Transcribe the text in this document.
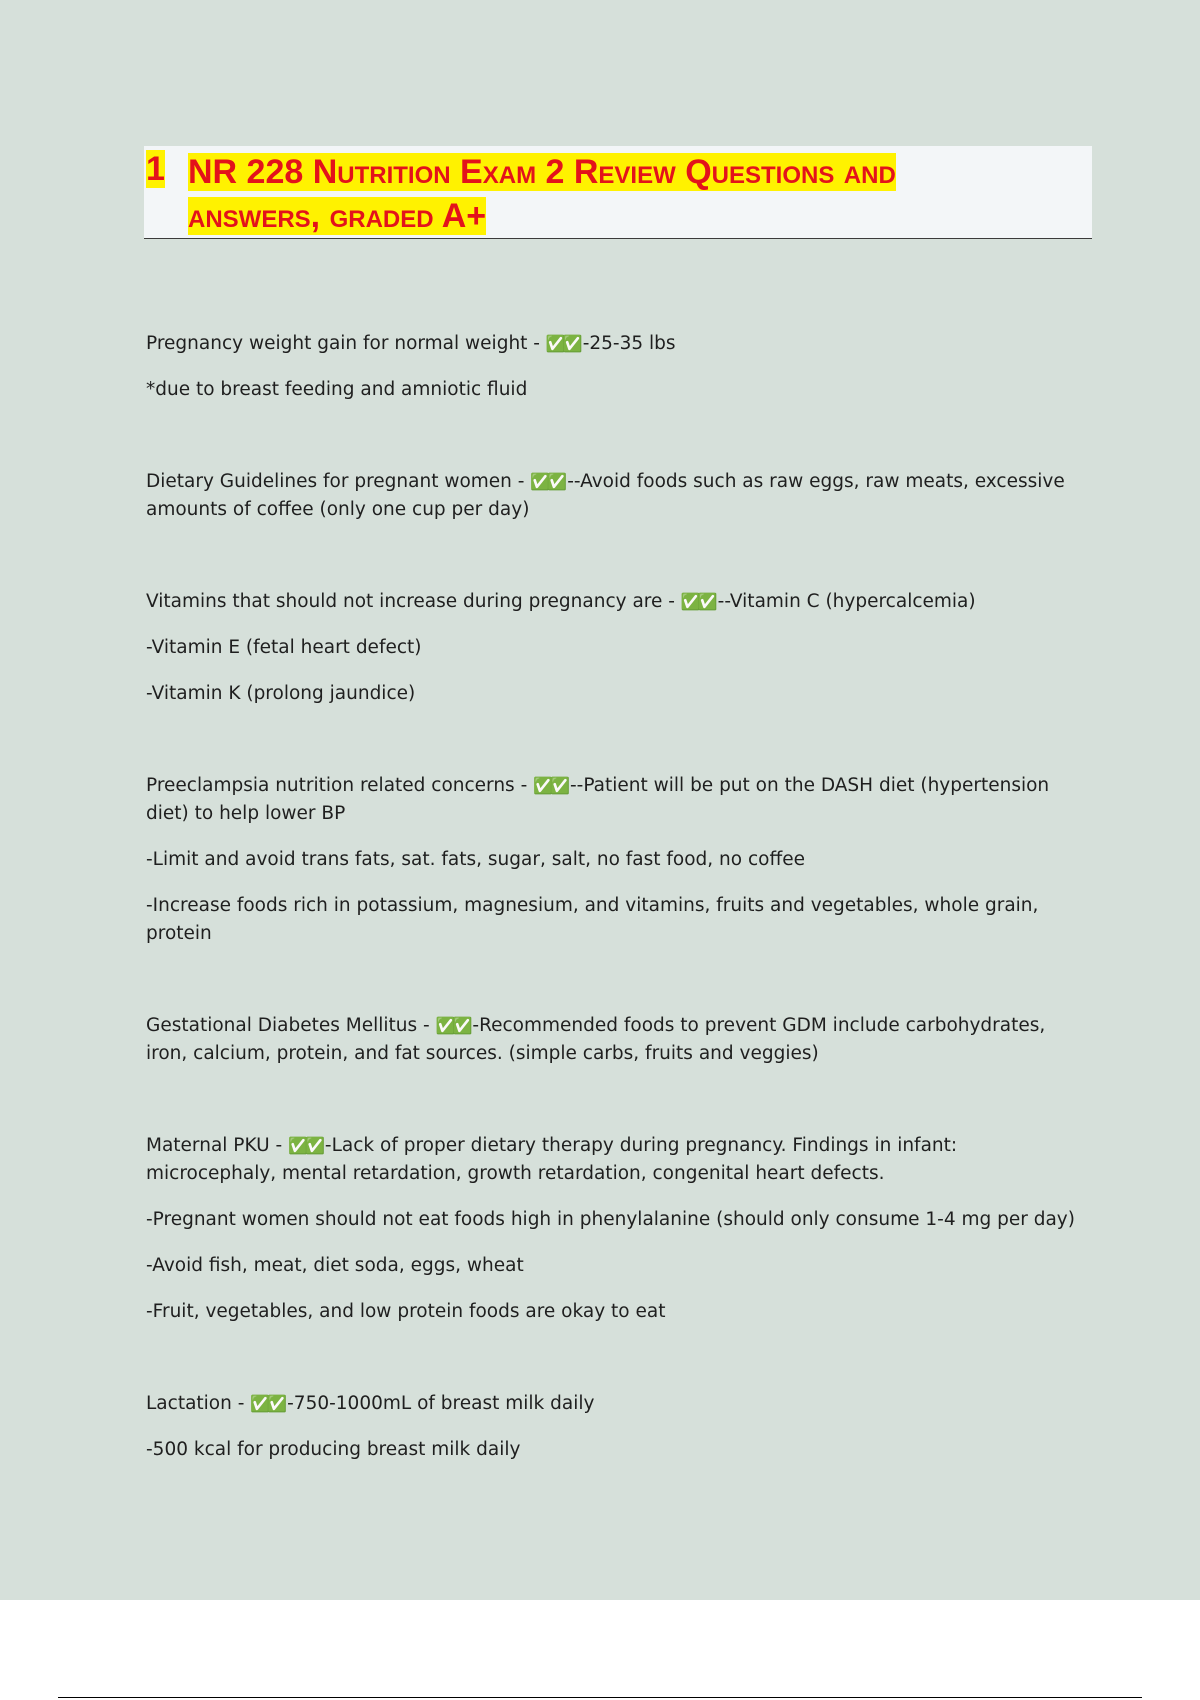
1 NR 228 Nutrition Exam 2 Review Questions and answers, graded A+

Pregnancy weight gain for normal weight - ✅✅ -25-35 lbs

*due to breast feeding and amniotic fluid

Dietary Guidelines for pregnant women - ✅✅ --Avoid foods such as raw eggs, raw meats, excessive amounts of coffee (only one cup per day)

Vitamins that should not increase during pregnancy are - ✅✅ --Vitamin C (hypercalcemia)

-Vitamin E (fetal heart defect)

-Vitamin K (prolong jaundice)

Preeclampsia nutrition related concerns - ✅✅ --Patient will be put on the DASH diet (hypertension diet) to help lower BP

-Limit and avoid trans fats, sat. fats, sugar, salt, no fast food, no coffee

-Increase foods rich in potassium, magnesium, and vitamins, fruits and vegetables, whole grain, protein

Gestational Diabetes Mellitus - ✅✅ -Recommended foods to prevent GDM include carbohydrates, iron, calcium, protein, and fat sources. (simple carbs, fruits and veggies)

Maternal PKU - ✅✅ -Lack of proper dietary therapy during pregnancy. Findings in infant: microcephaly, mental retardation, growth retardation, congenital heart defects.

-Pregnant women should not eat foods high in phenylalanine (should only consume 1-4 mg per day)

-Avoid fish, meat, diet soda, eggs, wheat

-Fruit, vegetables, and low protein foods are okay to eat

Lactation - ✅✅ -750-1000mL of breast milk daily

-500 kcal for producing breast milk daily
